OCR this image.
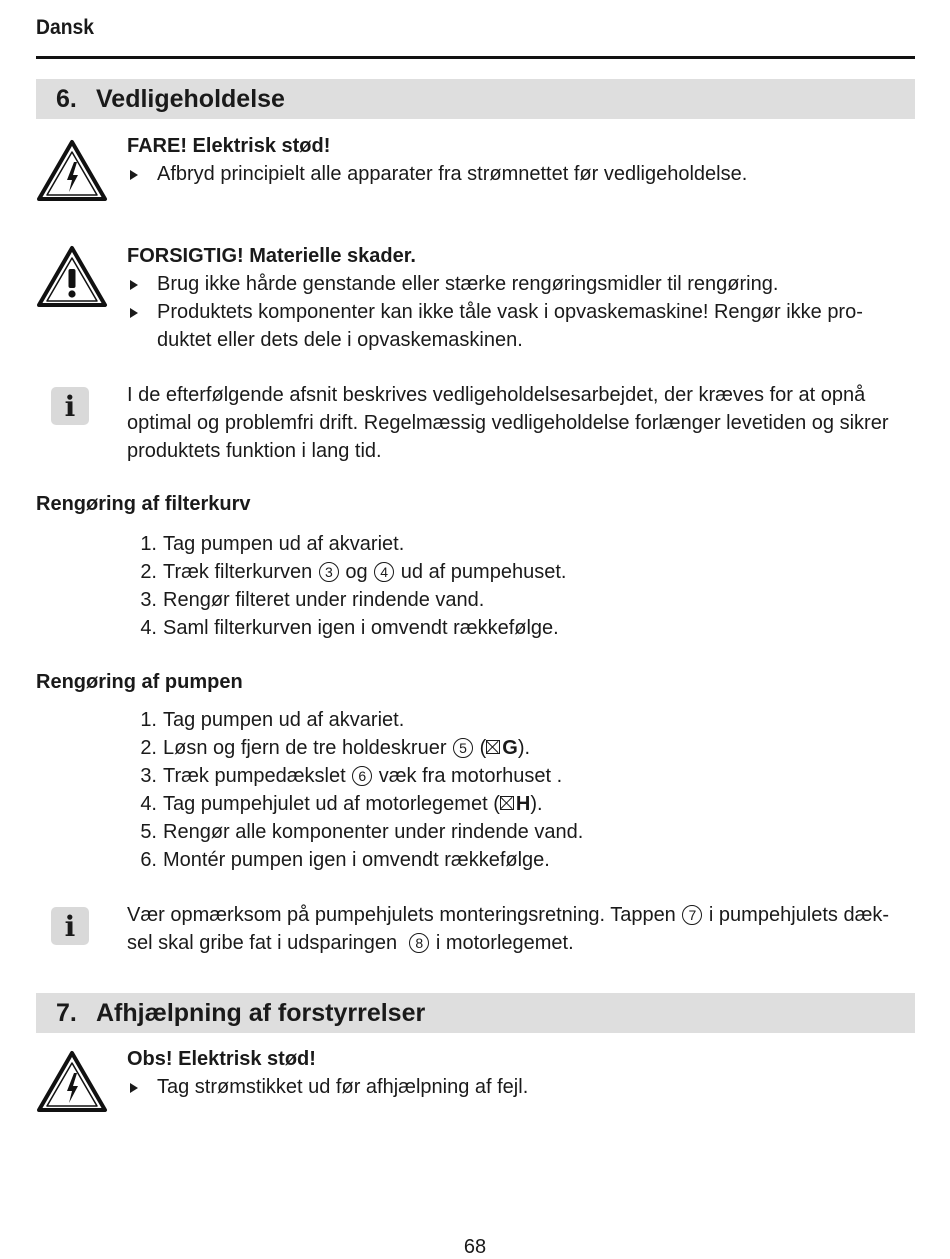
Dansk
6. Vedligeholdelse
FARE! Elektrisk stød!
Afbryd principielt alle apparater fra strømnettet før vedligeholdelse.
FORSIGTIG! Materielle skader.
Brug ikke hårde genstande eller stærke rengøringsmidler til rengøring.
Produktets komponenter kan ikke tåle vask i opvaskemaskine! Rengør ikke pro-
duktet eller dets dele i opvaskemaskinen.
i	I de efterfølgende afsnit beskrives vedligeholdelsesarbejdet, der kræves for at opnå
optimal og problemfri drift. Regelmæssig vedligeholdelse forlænger levetiden og sikrer
produktets funktion i lang tid.
Rengøring af filterkurv
1. Tag pumpen ud af akvariet.
2. Træk filterkurven 3 og 4 ud af pumpehuset.
3. Rengør filteret under rindende vand.
4. Saml filterkurven igen i omvendt rækkefølge.
Rengøring af pumpen
1. Tag pumpen ud af akvariet.
2. Løsn og fjern de tre holdeskruer 5 ( G).
3. Træk pumpedækslet 6 væk fra motorhuset .
4. Tag pumpehjulet ud af motorlegemet ( H).
5. Rengør alle komponenter under rindende vand.
6. Montér pumpen igen i omvendt rækkefølge.
i	Vær opmærksom på pumpehjulets monteringsretning. Tappen 7 i pumpehjulets dæk-
sel skal gribe fat i udsparingen  8 i motorlegemet.
7. Afhjælpning af forstyrrelser
Obs! Elektrisk stød!
Tag strømstikket ud før afhjælpning af fejl.
68
